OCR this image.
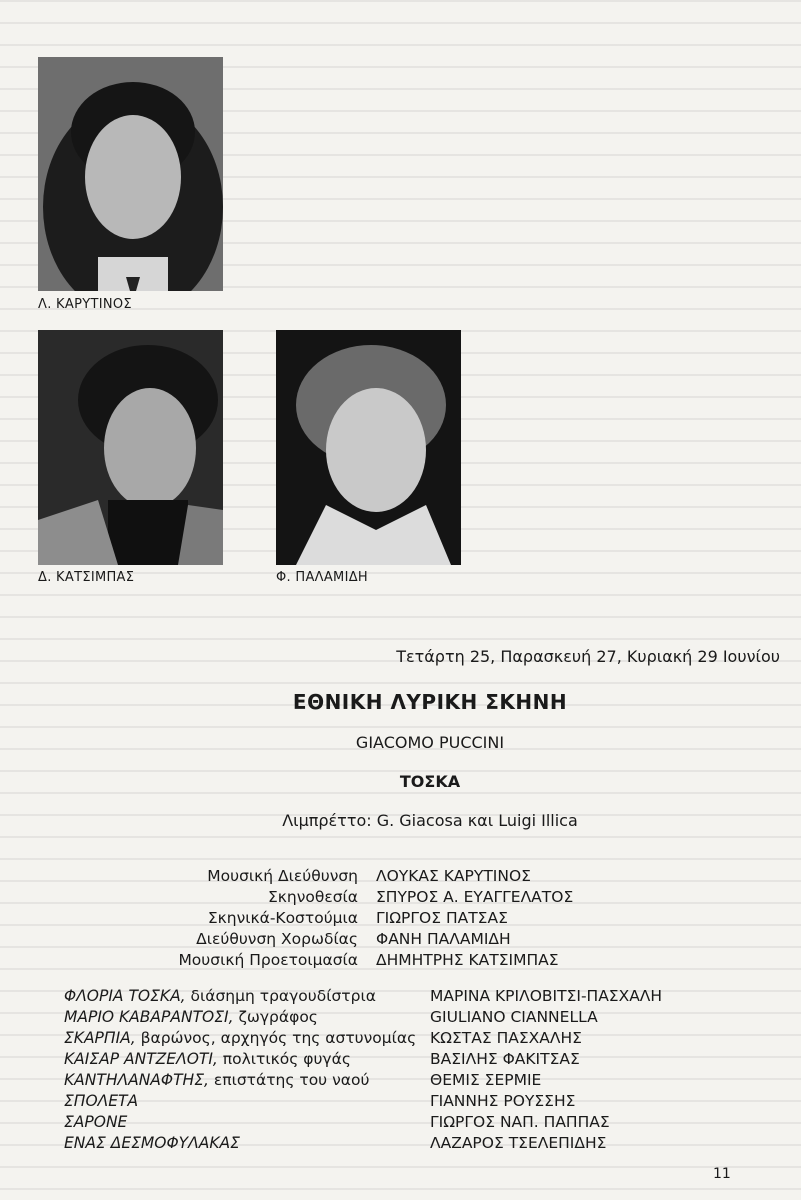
Λ. ΚΑΡΥΤΙΝΟΣ
Δ. ΚΑΤΣΙΜΠΑΣ	Φ. ΠΑΛΑΜΙΔΗ
Τετάρτη 25, Παρασκευή 27, Κυριακή 29 Ιουνίου
ΕΘΝΙΚΗ ΛΥΡΙΚΗ ΣΚΗΝΗ
GIACOMO PUCCINI
ΤΟΣΚΑ
Λιμπρέττο: G. Giacosa και Luigi Illica
Μουσική Διεύθυνση ΛΟΥΚΑΣ ΚΑΡΥΤΙΝΟΣ
Σκηνοθεσία ΣΠΥΡΟΣ Α. ΕΥΑΓΓΕΛΑΤΟΣ
Σκηνικά-Κοστούμια ΓΙΩΡΓΟΣ ΠΑΤΣΑΣ
Διεύθυνση Χορωδίας ΦΑΝΗ ΠΑΛΑΜΙΔΗ
Μουσική Προετοιμασία ΔΗΜΗΤΡΗΣ ΚΑΤΣΙΜΠΑΣ
ΦΛΟΡΙΑ ΤΟΣΚΑ, διάσημη τραγουδίστρια	ΜΑΡΙΝΑ ΚΡΙΛΟΒΙΤΣΙ-ΠΑΣΧΑΛΗ
ΜΑΡΙΟ ΚΑΒΑΡΑΝΤΟΣΙ, ζωγράφος	GIULIANO CIANNELLA
ΣΚΑΡΠΙΑ, βαρώνος, αρχηγός της αστυνομίας ΚΩΣΤΑΣ ΠΑΣΧΑΛΗΣ
ΚΑΙΣΑΡ ΑΝΤΖΕΛΟΤΙ, πολιτικός φυγάς	ΒΑΣΙΛΗΣ ΦΑΚΙΤΣΑΣ
ΚΑΝΤΗΛΑΝΑΦΤΗΣ, επιστάτης του ναού	ΘΕΜΙΣ ΣΕΡΜΙΕ
ΣΠΟΛΕΤΑ	ΓΙΑΝΝΗΣ ΡΟΥΣΣΗΣ
ΣΑΡΟΝΕ	ΓΙΩΡΓΟΣ ΝΑΠ. ΠΑΠΠΑΣ
ΕΝΑΣ ΔΕΣΜΟΦΥΛΑΚΑΣ	ΛΑΖΑΡΟΣ ΤΣΕΛΕΠΙΔΗΣ
11
